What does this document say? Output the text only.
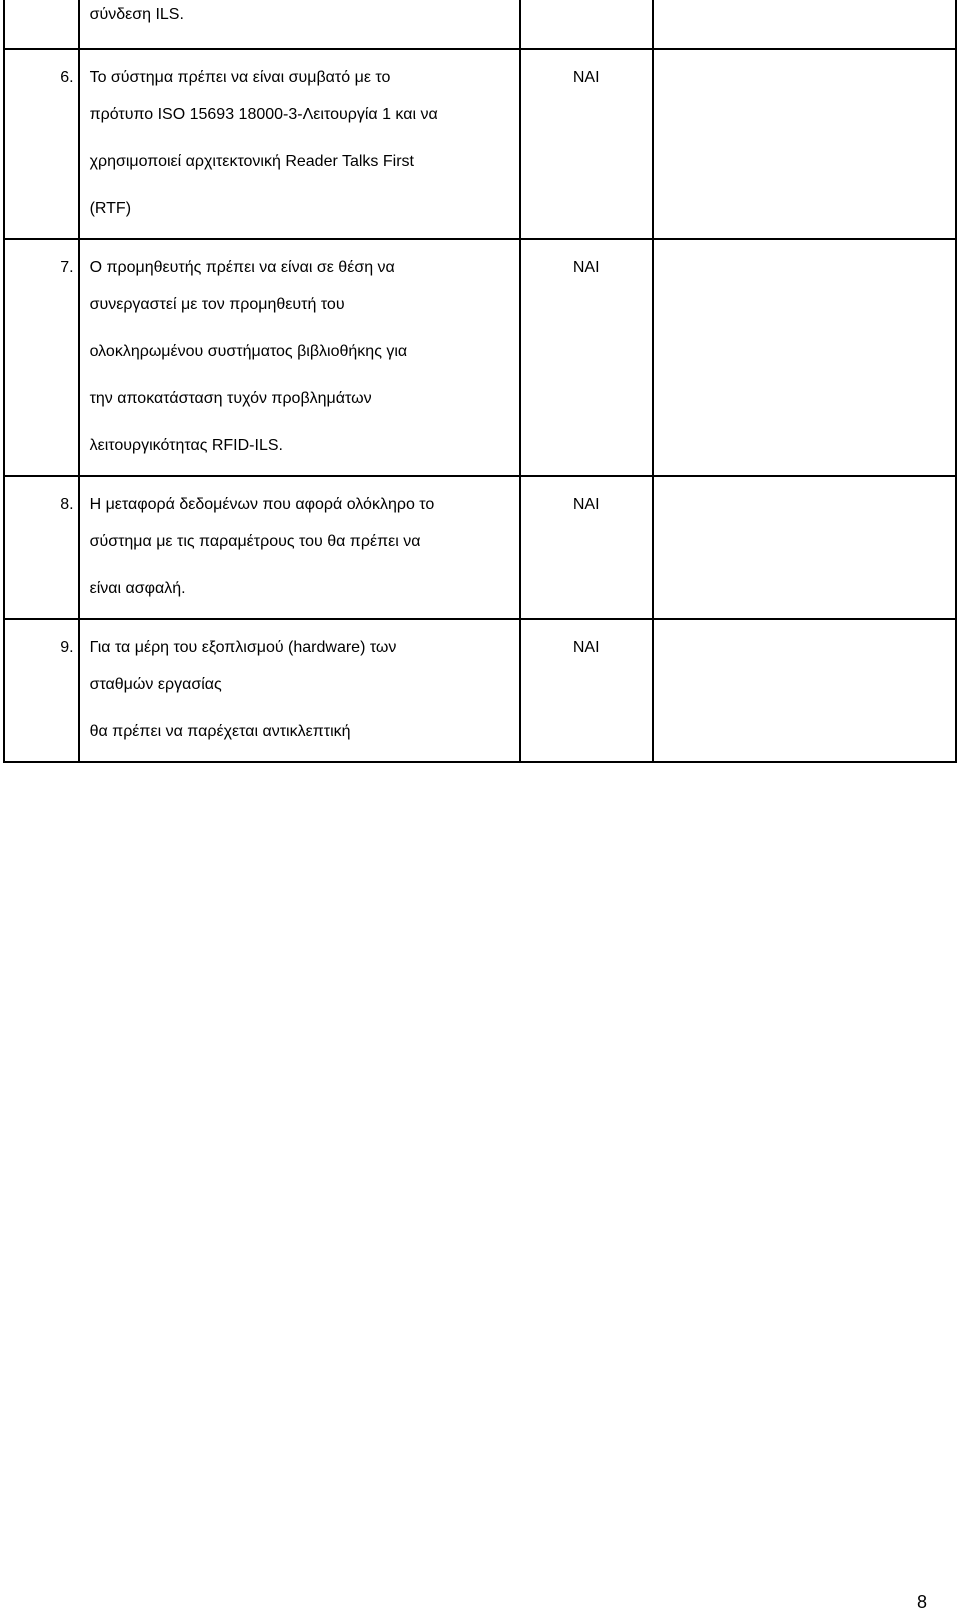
	σύνδεση ILS.		

6.	Το σύστημα πρέπει να είναι συμβατό με το
πρότυπο ISO 15693 18000-3-Λειτουργία 1 και να
χρησιμοποιεί αρχιτεκτονική Reader Talks First
(RTF)	NAI	

7.	Ο προμηθευτής πρέπει να είναι σε θέση να
συνεργαστεί με τον προμηθευτή του
ολοκληρωμένου συστήματος βιβλιοθήκης για
την αποκατάσταση τυχόν προβλημάτων
λειτουργικότητας RFID-ILS.	NAI	

8.	Η μεταφορά δεδομένων που αφορά ολόκληρο το
σύστημα με τις παραμέτρους του θα πρέπει να
είναι ασφαλή.	NAI	

9.	Για τα μέρη του εξοπλισμού (hardware) των
σταθμών εργασίας
θα πρέπει να παρέχεται αντικλεπτική	NAI	

8
